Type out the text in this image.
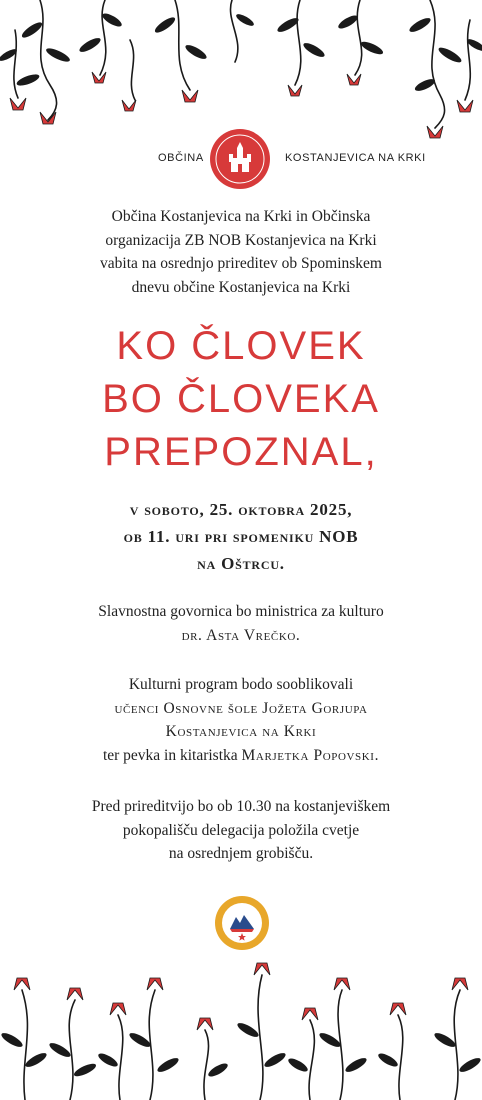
OBČINA	KOSTANJEVICA NA KRKI

Občina Kostanjevica na Krki in Občinska

organizacija ZB NOB Kostanjevica na Krki

vabita na osrednjo prireditev ob Spominskem

dnevu občine Kostanjevica na Krki

KO ČLOVEK
BO ČLOVEKA
PREPOZNAL,
v soboto, 25. oktobra 2025,
ob 11. uri pri spomeniku NOB
na Oštrcu.
Slavnostna govornica bo ministrica za kulturo
dr. Asta Vrečko.
Kulturni program bodo sooblikovali
učenci Osnovne šole Jožeta Gorjupa
Kostanjevica na Krki
ter pevka in kitaristka Marjetka Popovski.
Pred prireditvijo bo ob 10.30 na kostanjeviškem
pokopališču delegacija položila cvetje
na osrednjem grobišču.
